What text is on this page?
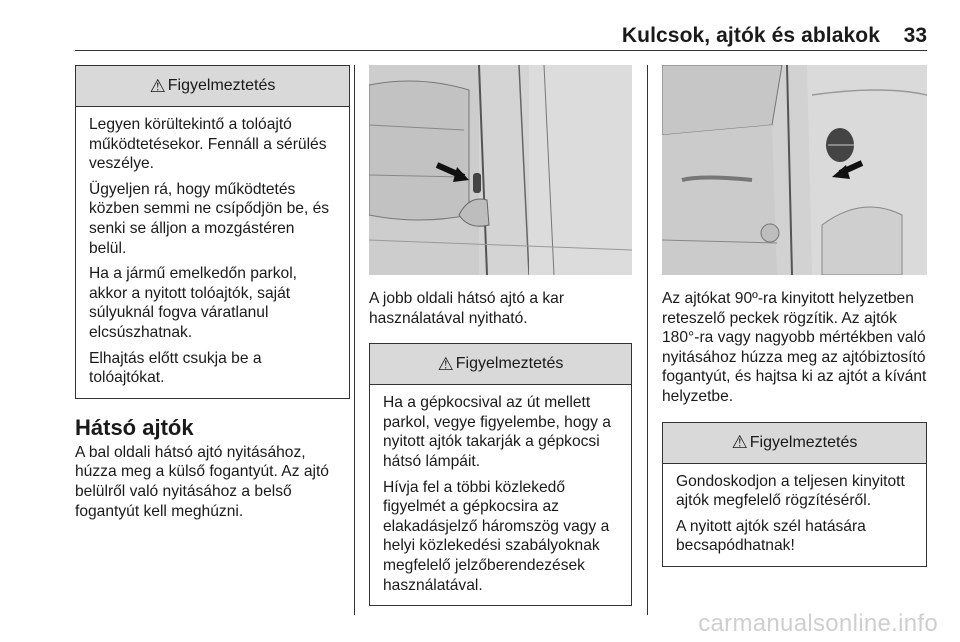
Kulcsok, ajtók és ablakok 33
⚠ Figyelmeztetés

Legyen körültekintő a tolóajtó működtetésekor. Fennáll a sérülés veszélye.

Ügyeljen rá, hogy működtetés közben semmi ne csípődjön be, és senki se álljon a mozgástéren belül.

Ha a jármű emelkedőn parkol, akkor a nyitott tolóajtók, saját súlyuknál fogva váratlanul elcsúszhatnak.

Elhajtás előtt csukja be a tolóajtókat.

Hátsó ajtók

A bal oldali hátsó ajtó nyitásához, húzza meg a külső fogantyút. Az ajtó belülről való nyitásához a belső fogantyút kell meghúzni.

A jobb oldali hátsó ajtó a kar használatával nyitható.

⚠ Figyelmeztetés

Ha a gépkocsival az út mellett parkol, vegye figyelembe, hogy a nyitott ajtók takarják a gépkocsi hátsó lámpáit.

Hívja fel a többi közlekedő figyelmét a gépkocsira az elakadásjelző háromszög vagy a helyi közlekedési szabályoknak megfelelő jelzőberendezések használatával.

Az ajtókat 90º-ra kinyitott helyzetben reteszelő peckek rögzítik. Az ajtók 180°-ra vagy nagyobb mértékben való nyitásához húzza meg az ajtóbiztosító fogantyút, és hajtsa ki az ajtót a kívánt helyzetbe.

⚠ Figyelmeztetés

Gondoskodjon a teljesen kinyitott ajtók megfelelő rögzítéséről.

A nyitott ajtók szél hatására becsapódhatnak!

carmanualsonline.info
